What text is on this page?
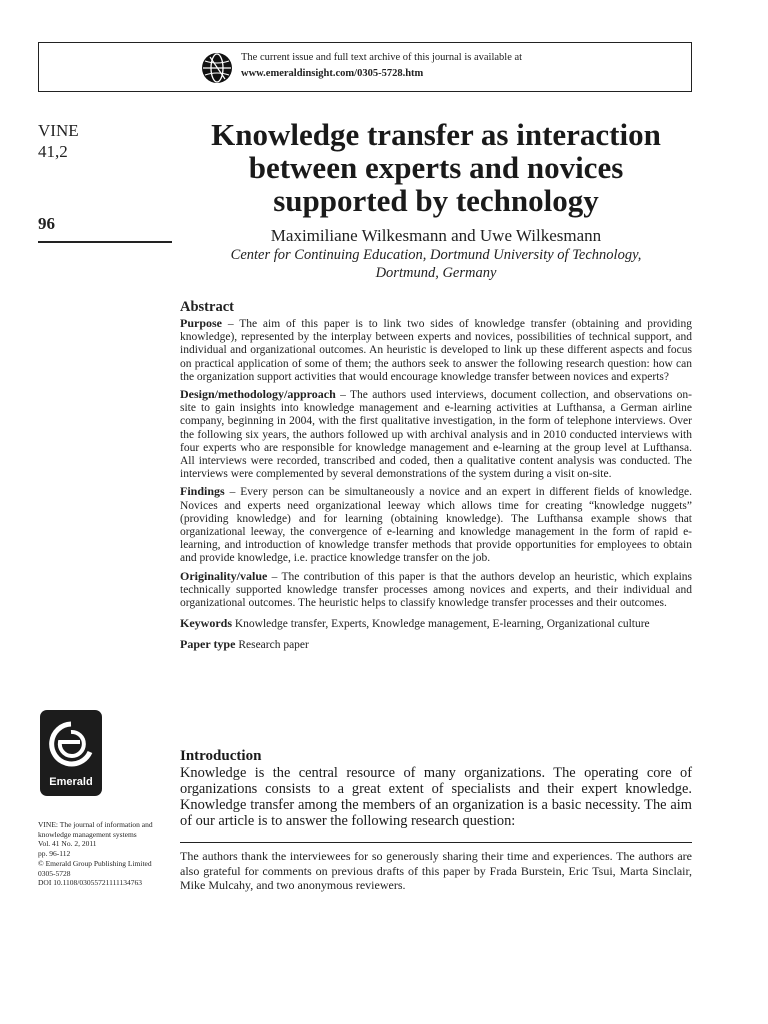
The current issue and full text archive of this journal is available at
www.emeraldinsight.com/0305-5728.htm
VINE
41,2
96
Knowledge transfer as interaction
between experts and novices
supported by technology
Maximiliane Wilkesmann and Uwe Wilkesmann
Center for Continuing Education, Dortmund University of Technology,
Dortmund, Germany
Abstract

Purpose – The aim of this paper is to link two sides of knowledge transfer (obtaining and providing knowledge), represented by the interplay between experts and novices, possibilities of technical support, and individual and organizational outcomes. An heuristic is developed to link up these different aspects and focus on practical application of some of them; the authors seek to answer the following research question: how can the organization support activities that would encourage knowledge transfer between novices and experts?

Design/methodology/approach – The authors used interviews, document collection, and observations on-site to gain insights into knowledge management and e-learning activities at Lufthansa, a German airline company, beginning in 2004, with the first qualitative investigation, in the form of telephone interviews. Over the following six years, the authors followed up with archival analysis and in 2010 conducted interviews with four experts who are responsible for knowledge management and e-learning at the group level at Lufthansa. All interviews were recorded, transcribed and coded, then a qualitative content analysis was conducted. The interviews were complemented by several demonstrations of the system during a visit on-site.

Findings – Every person can be simultaneously a novice and an expert in different fields of knowledge. Novices and experts need organizational leeway which allows time for creating “knowledge nuggets” (providing knowledge) and for learning (obtaining knowledge). The Lufthansa example shows that organizational leeway, the convergence of e-learning and knowledge management in the form of rapid e-learning, and introduction of knowledge transfer methods that provide opportunities for employees to obtain and provide knowledge, i.e. practice knowledge transfer on the job.

Originality/value – The contribution of this paper is that the authors develop an heuristic, which explains technically supported knowledge transfer processes among novices and experts, and their individual and organizational outcomes. The heuristic helps to classify knowledge transfer processes and their outcomes.

Keywords Knowledge transfer, Experts, Knowledge management, E-learning, Organizational culture
Paper type Research paper
Emerald
VINE: The journal of information and
knowledge management systems
Vol. 41 No. 2, 2011
pp. 96-112
© Emerald Group Publishing Limited
0305-5728
DOI 10.1108/03055721111134763
Introduction

Knowledge is the central resource of many organizations. The operating core of organizations consists to a great extent of specialists and their expert knowledge. Knowledge transfer among the members of an organization is a basic necessity. The aim of our article is to answer the following research question:

The authors thank the interviewees for so generously sharing their time and experiences. The authors are also grateful for comments on previous drafts of this paper by Frada Burstein, Eric Tsui, Marta Sinclair, Mike Mulcahy, and two anonymous reviewers.
